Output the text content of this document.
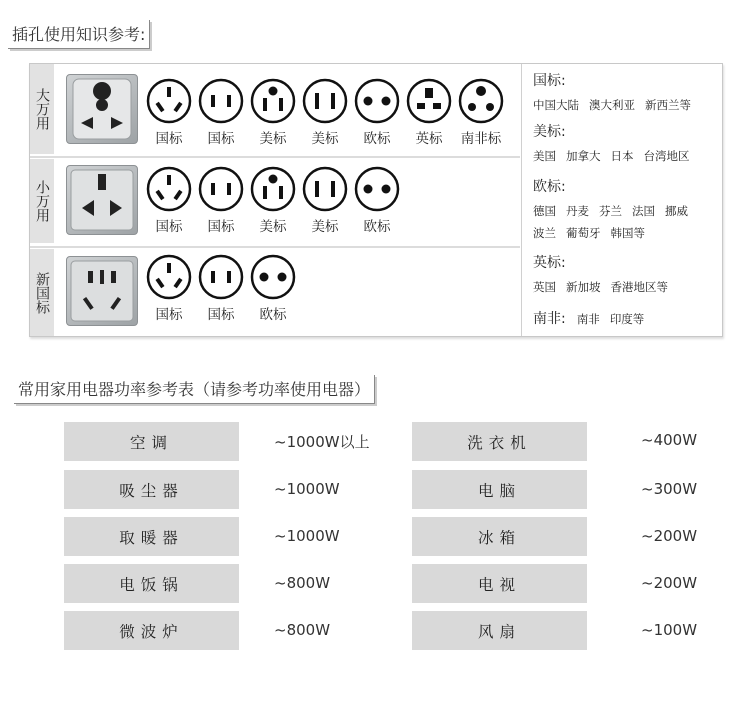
插孔使用知识参考:
大万用
国标	国标	美标	美标	欧标	英标	南非标
小万用
国标	国标	美标	美标	欧标
新国标
国标	国标	欧标
国标:
中国大陆 澳大利亚 新西兰等
美标:
美国 加拿大 日本 台湾地区
欧标:
德国 丹麦 芬兰 法国 挪威
波兰 葡萄牙 韩国等
英标:
英国 新加坡 香港地区等
南非: 南非 印度等
常用家用电器功率参考表（请参考功率使用电器）
空调	~1000W以上	洗衣机	~400W
吸尘器	~1000W	电脑	~300W
取暖器	~1000W	冰箱	~200W
电饭锅	~800W	电视	~200W
微波炉	~800W	风扇	~100W
